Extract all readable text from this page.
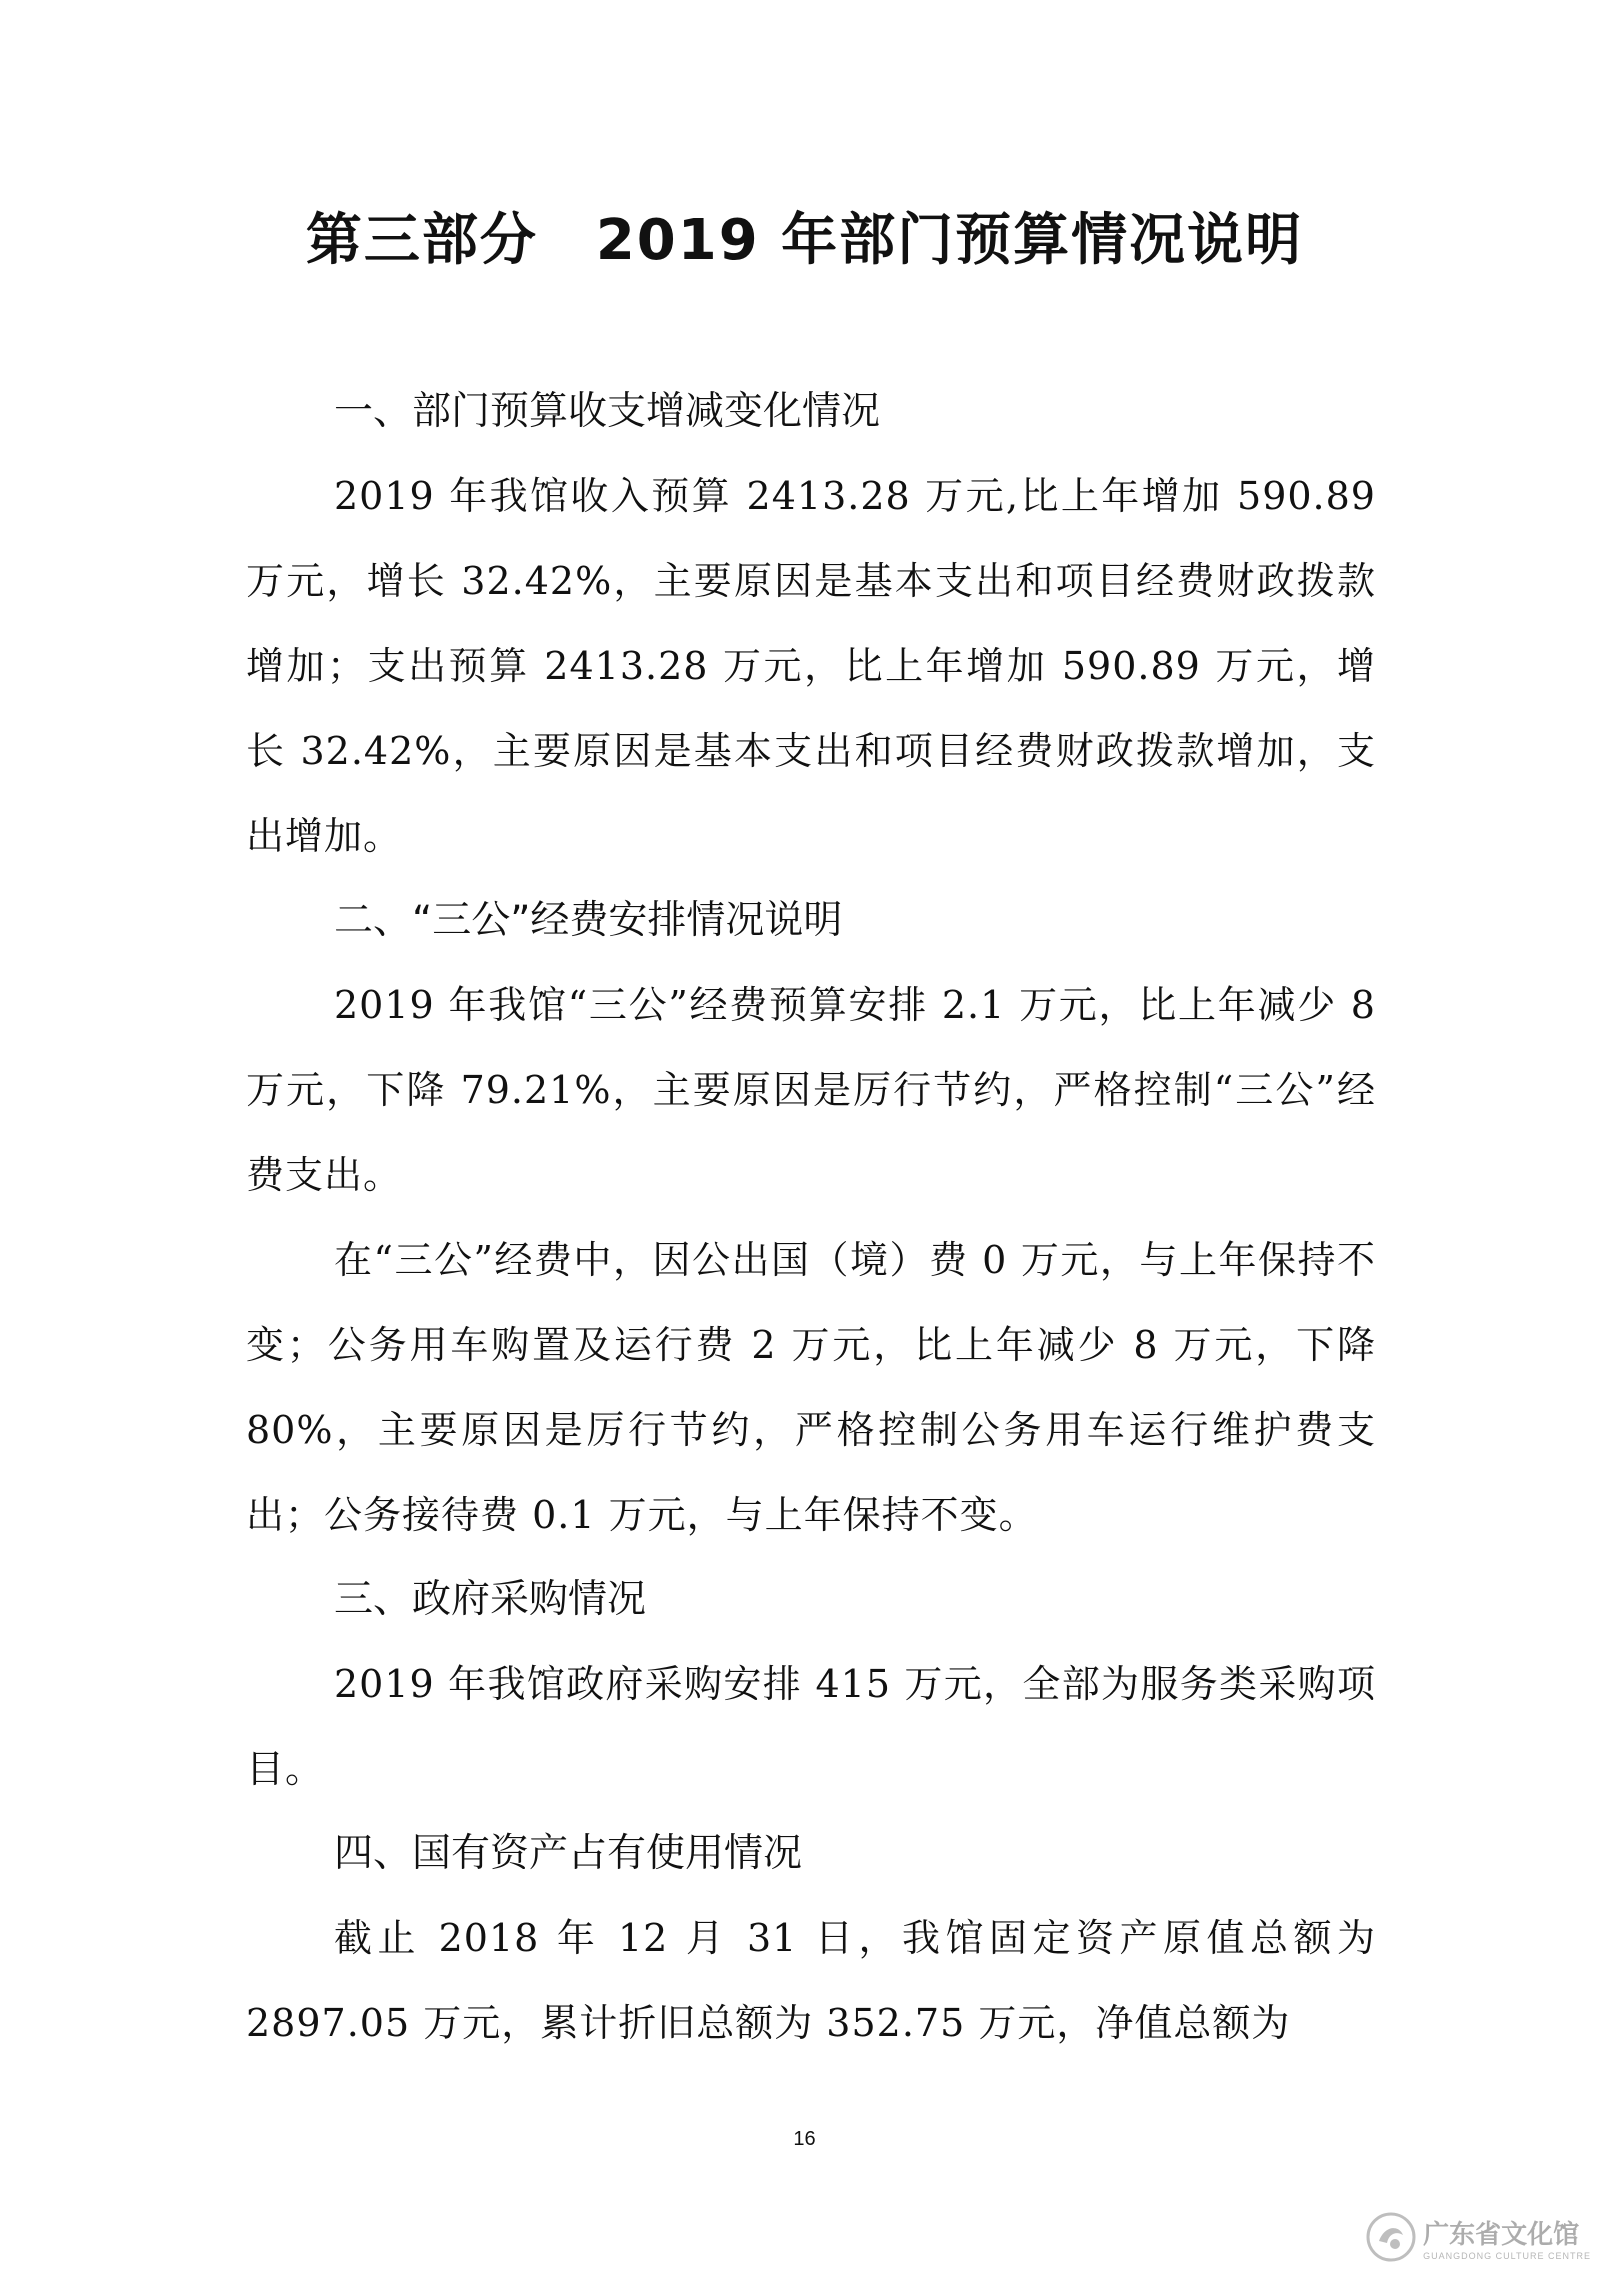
第三部分　2019 年部门预算情况说明
一、部门预算收支增减变化情况

2019 年我馆收入预算 2413.28 万元,比上年增加 590.89 万元，增长 32.42%，主要原因是基本支出和项目经费财政拨款增加；支出预算 2413.28 万元，比上年增加 590.89 万元，增长 32.42%，主要原因是基本支出和项目经费财政拨款增加，支出增加。

二、“三公”经费安排情况说明

2019 年我馆“三公”经费预算安排 2.1 万元，比上年减少 8 万元，下降 79.21%，主要原因是厉行节约，严格控制“三公”经费支出。

在“三公”经费中，因公出国（境）费 0 万元，与上年保持不变；公务用车购置及运行费 2 万元，比上年减少 8 万元，下降 80%，主要原因是厉行节约，严格控制公务用车运行维护费支出；公务接待费 0.1 万元，与上年保持不变。

三、政府采购情况

2019 年我馆政府采购安排 415 万元，全部为服务类采购项目。

四、国有资产占有使用情况

截止 2018 年 12 月 31 日，我馆固定资产原值总额为 2897.05 万元，累计折旧总额为 352.75 万元，净值总额为

16
广东省文化馆
GUANGDONG CULTURE CENTRE
